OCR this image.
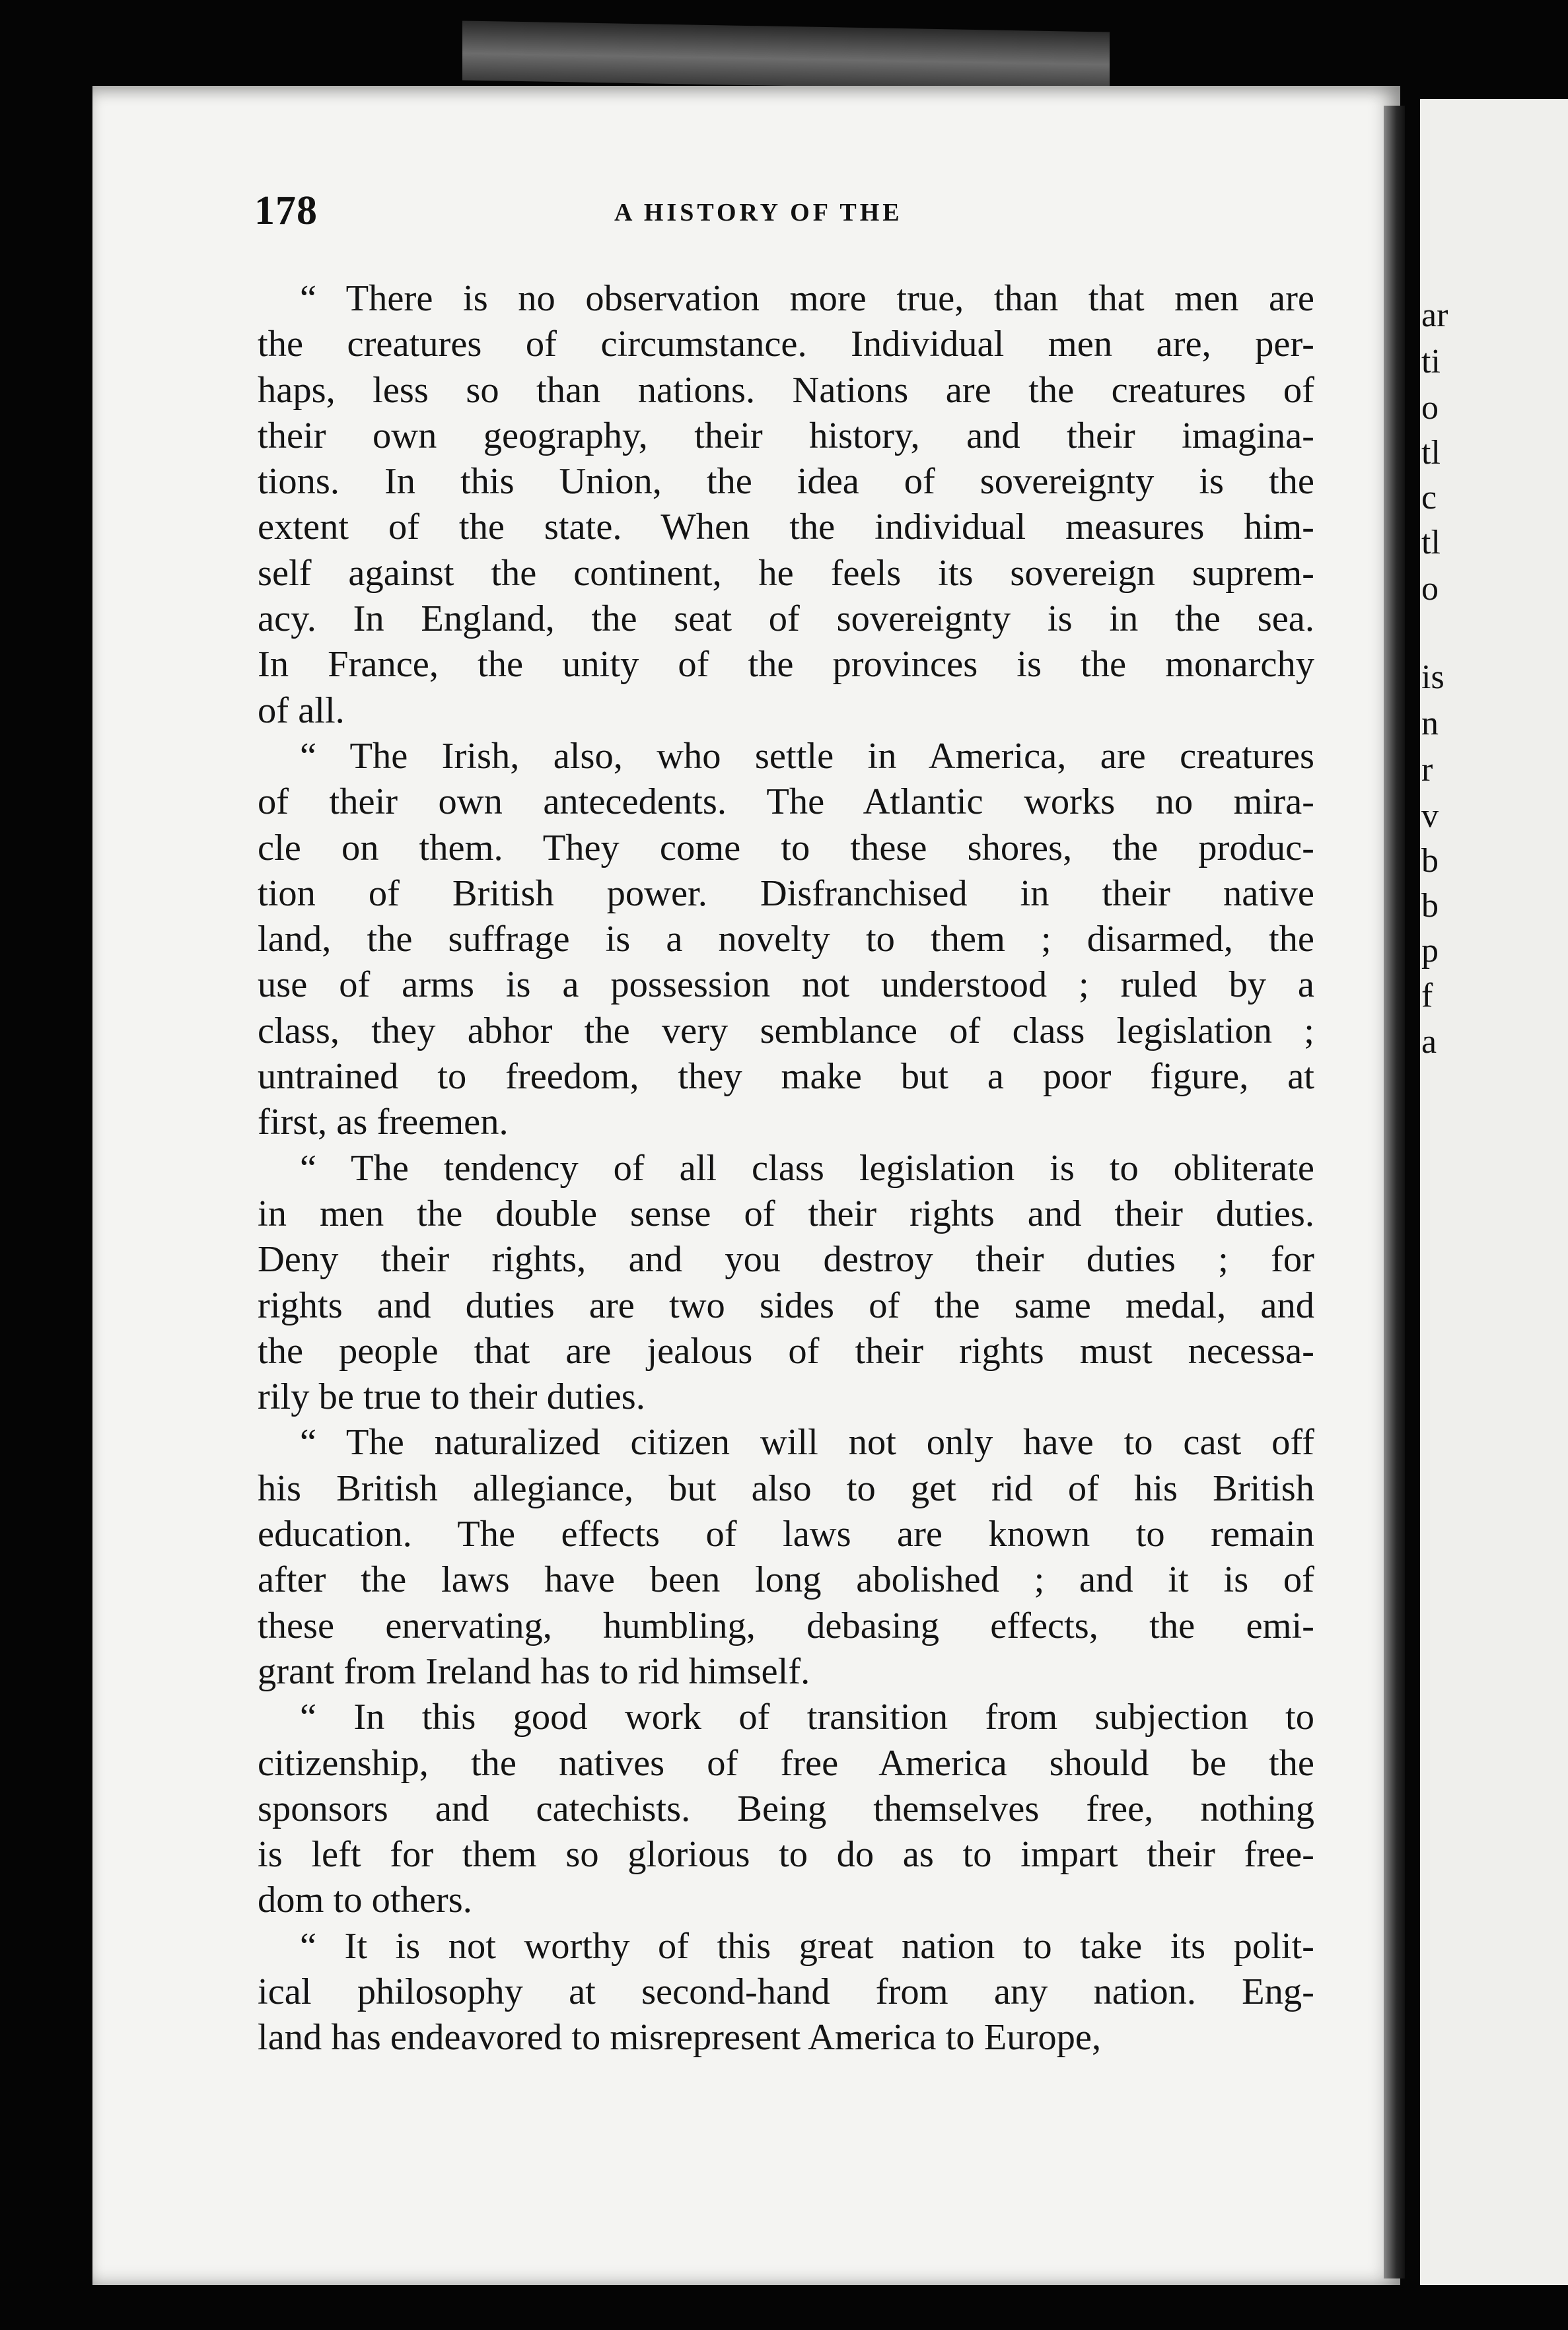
ar
ti
o
tl
c
tl
o
is
n
r
v
b
b
p
f
a
178	A HISTORY OF THE

“ There is no observation more true, than that men are
the creatures of circumstance. Individual men are, per-
haps, less so than nations. Nations are the creatures of
their own geography, their history, and their imagina-
tions. In this Union, the idea of sovereignty is the
extent of the state. When the individual measures him-
self against the continent, he feels its sovereign suprem-
acy. In England, the seat of sovereignty is in the sea.
In France, the unity of the provinces is the monarchy
of all.

“ The Irish, also, who settle in America, are creatures
of their own antecedents. The Atlantic works no mira-
cle on them. They come to these shores, the produc-
tion of British power. Disfranchised in their native
land, the suffrage is a novelty to them ; disarmed, the
use of arms is a possession not understood ; ruled by a
class, they abhor the very semblance of class legislation ;
untrained to freedom, they make but a poor figure, at
first, as freemen.

“ The tendency of all class legislation is to obliterate
in men the double sense of their rights and their duties.
Deny their rights, and you destroy their duties ; for
rights and duties are two sides of the same medal, and
the people that are jealous of their rights must necessa-
rily be true to their duties.

“ The naturalized citizen will not only have to cast off
his British allegiance, but also to get rid of his British
education. The effects of laws are known to remain
after the laws have been long abolished ; and it is of
these enervating, humbling, debasing effects, the emi-
grant from Ireland has to rid himself.

“ In this good work of transition from subjection to
citizenship, the natives of free America should be the
sponsors and catechists. Being themselves free, nothing
is left for them so glorious to do as to impart their free-
dom to others.

“ It is not worthy of this great nation to take its polit-
ical philosophy at second-hand from any nation. Eng-
land has endeavored to misrepresent America to Europe,
